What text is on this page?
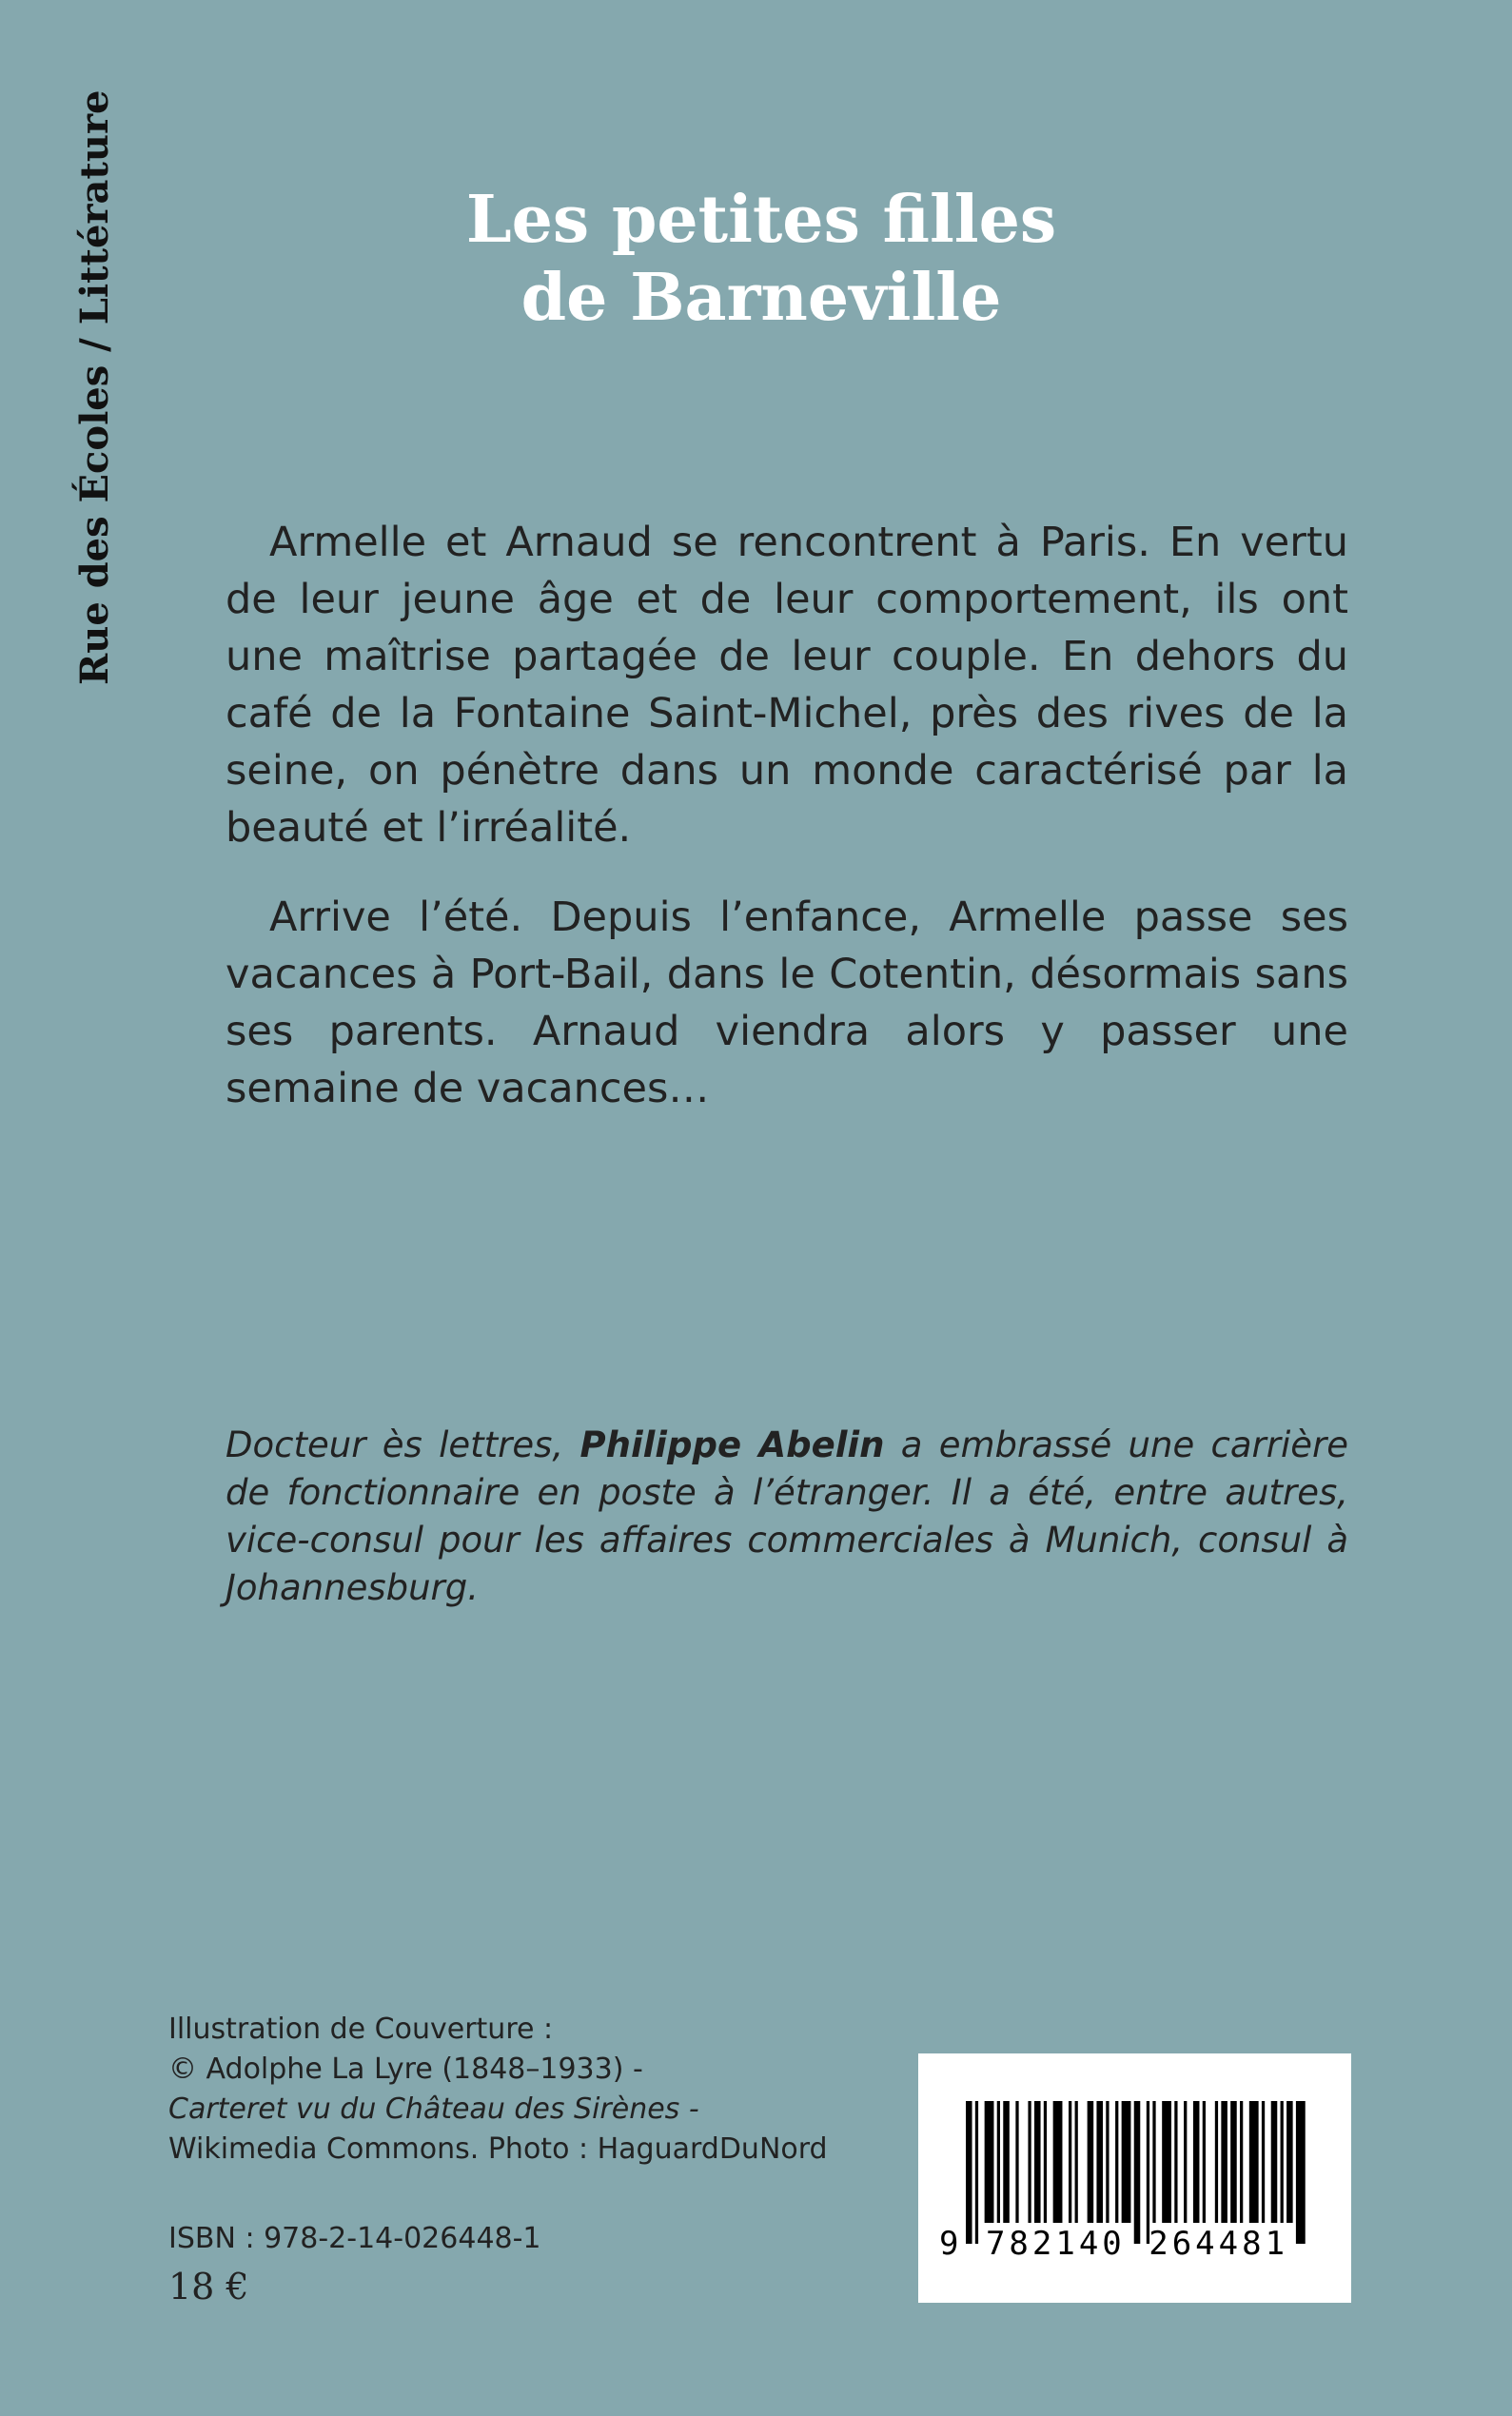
Rue des Écoles / Littérature	Les petites filles
de Barneville

Armelle et Arnaud se rencontrent à Paris. En vertu de leur jeune âge et de leur comportement, ils ont une maîtrise partagée de leur couple. En dehors du café de la Fontaine Saint-Michel, près des rives de la seine, on pénètre dans un monde caractérisé par la beauté et l’irréalité.

Arrive l’été. Depuis l’enfance, Armelle passe ses vacances à Port-Bail, dans le Cotentin, désormais sans ses parents. Arnaud viendra alors y passer une semaine de vacances…

Docteur ès lettres, Philippe Abelin a embrassé une carrière de fonctionnaire en poste à l’étranger. Il a été, entre autres, vice-consul pour les affaires commerciales à Munich, consul à Johannesburg.

Illustration de Couverture :
© Adolphe La Lyre (1848–1933) -
Carteret vu du Château des Sirènes -
Wikimedia Commons. Photo : HaguardDuNord
ISBN : 978-2-14-026448-1
18 €
9 782140 264481
